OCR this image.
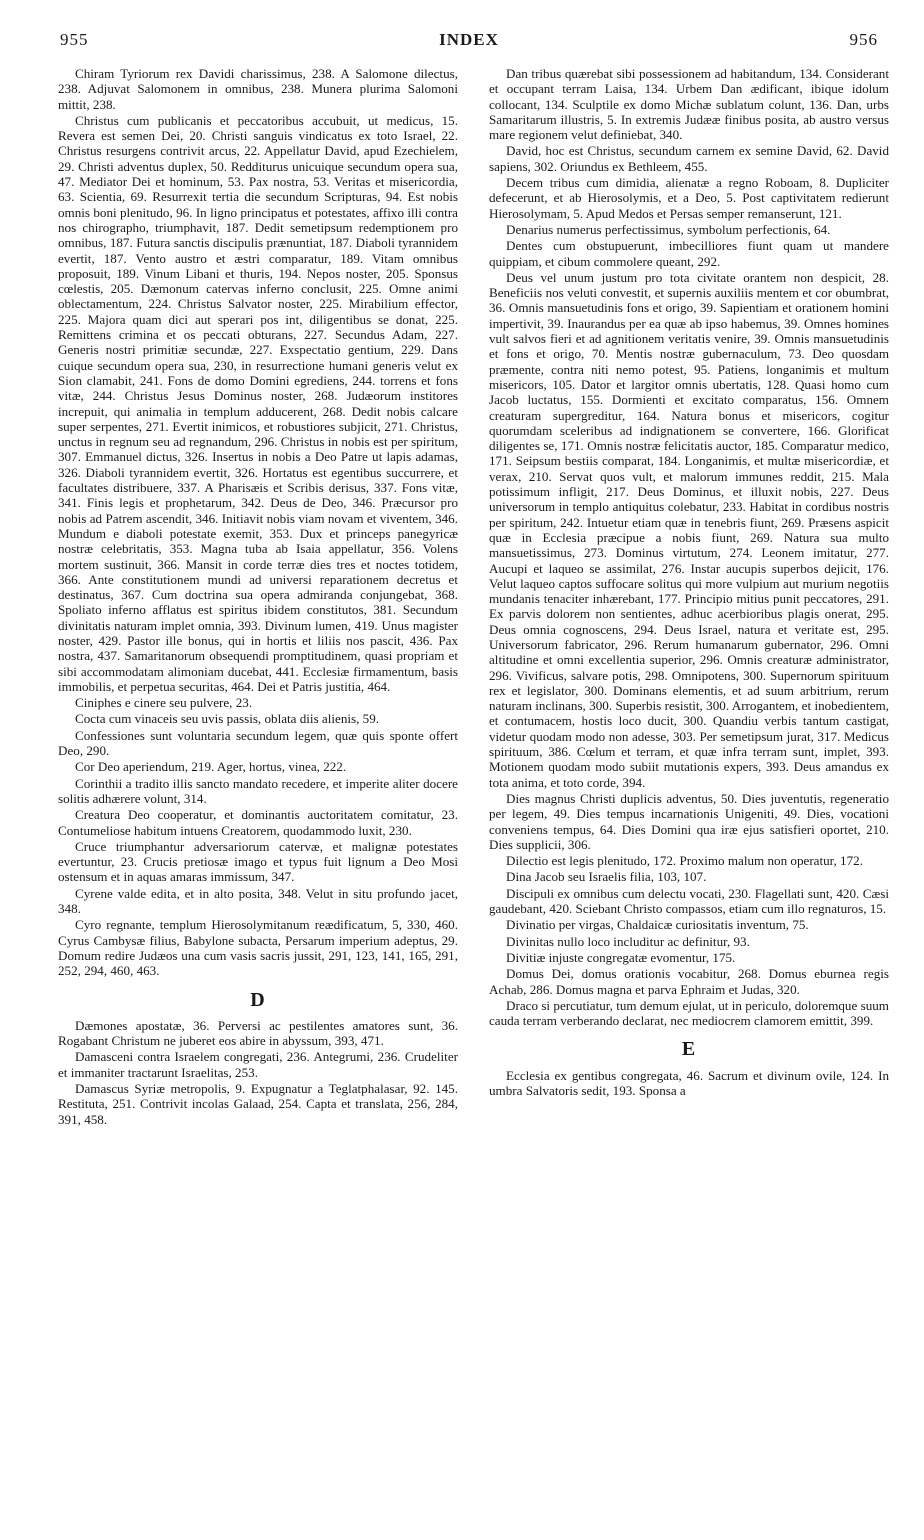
955	INDEX	956

Chiram Tyriorum rex Davidi charissimus, 238. A Salomone dilectus, 238. Adjuvat Salomonem in omnibus, 238. Munera plurima Salomoni mittit, 238.

Christus cum publicanis et peccatoribus accubuit, ut medicus, 15. Revera est semen Dei, 20. Christi sanguis vindicatus ex toto Israel, 22. Christus resurgens contrivit arcus, 22. Appellatur David, apud Ezechielem, 29. Christi adventus duplex, 50. Redditurus unicuique secundum opera sua, 47. Mediator Dei et hominum, 53. Pax nostra, 53. Veritas et misericordia, 63. Scientia, 69. Resurrexit tertia die secundum Scripturas, 94. Est nobis omnis boni plenitudo, 96. In ligno principatus et potestates, affixo illi contra nos chirographo, triumphavit, 187. Dedit semetipsum redemptionem pro omnibus, 187. Futura sanctis discipulis prænuntiat, 187. Diaboli tyrannidem evertit, 187. Vento austro et æstri comparatur, 189. Vitam omnibus proposuit, 189. Vinum Libani et thuris, 194. Nepos noster, 205. Sponsus cœlestis, 205. Dæmonum catervas inferno conclusit, 225. Omne animi oblectamentum, 224. Christus Salvator noster, 225. Mirabilium effector, 225. Majora quam dici aut sperari pos int, diligentibus se donat, 225. Remittens crimina et os peccati obturans, 227. Secundus Adam, 227. Generis nostri primitiæ secundæ, 227. Exspectatio gentium, 229. Dans cuique secundum opera sua, 230, in resurrectione humani generis velut ex Sion clamabit, 241. Fons de domo Domini egrediens, 244. torrens et fons vitæ, 244. Christus Jesus Dominus noster, 268. Judæorum institores increpuit, qui animalia in templum adducerent, 268. Dedit nobis calcare super serpentes, 271. Evertit inimicos, et robustiores subjicit, 271. Christus, unctus in regnum seu ad regnandum, 296. Christus in nobis est per spiritum, 307. Emmanuel dictus, 326. Insertus in nobis a Deo Patre ut lapis adamas, 326. Diaboli tyrannidem evertit, 326. Hortatus est egentibus succurrere, et facultates distribuere, 337. A Pharisæis et Scribis derisus, 337. Fons vitæ, 341. Finis legis et prophetarum, 342. Deus de Deo, 346. Præcursor pro nobis ad Patrem ascendit, 346. Initiavit nobis viam novam et viventem, 346. Mundum e diaboli potestate exemit, 353. Dux et princeps panegyricæ nostræ celebritatis, 353. Magna tuba ab Isaia appellatur, 356. Volens mortem sustinuit, 366. Mansit in corde terræ dies tres et noctes totidem, 366. Ante constitutionem mundi ad universi reparationem decretus et destinatus, 367. Cum doctrina sua opera admiranda conjungebat, 368. Spoliato inferno afflatus est spiritus ibidem constitutos, 381. Secundum divinitatis naturam implet omnia, 393. Divinum lumen, 419. Unus magister noster, 429. Pastor ille bonus, qui in hortis et liliis nos pascit, 436. Pax nostra, 437. Samaritanorum obsequendi promptitudinem, quasi propriam et sibi accommodatam alimoniam ducebat, 441. Ecclesiæ firmamentum, basis immobilis, et perpetua securitas, 464. Dei et Patris justitia, 464.

Ciniphes e cinere seu pulvere, 23.

Cocta cum vinaceis seu uvis passis, oblata diis alienis, 59.

Confessiones sunt voluntaria secundum legem, quæ quis sponte offert Deo, 290.

Cor Deo aperiendum, 219. Ager, hortus, vinea, 222.

Corinthii a tradito illis sancto mandato recedere, et imperite aliter docere solitis adhærere volunt, 314.

Creatura Deo cooperatur, et dominantis auctoritatem comitatur, 23. Contumeliose habitum intuens Creatorem, quodammodo luxit, 230.

Cruce triumphantur adversariorum catervæ, et malignæ potestates evertuntur, 23. Crucis pretiosæ imago et typus fuit lignum a Deo Mosi ostensum et in aquas amaras immissum, 347.

Cyrene valde edita, et in alto posita, 348. Velut in situ profundo jacet, 348.

Cyro regnante, templum Hierosolymitanum reædificatum, 5, 330, 460. Cyrus Cambysæ filius, Babylone subacta, Persarum imperium adeptus, 29. Domum redire Judæos una cum vasis sacris jussit, 291, 123, 141, 165, 291, 252, 294, 460, 463.

D

Dæmones apostatæ, 36. Perversi ac pestilentes amatores sunt, 36. Rogabant Christum ne juberet eos abire in abyssum, 393, 471.

Damasceni contra Israelem congregati, 236. Antegrumi, 236. Crudeliter et immaniter tractarunt Israelitas, 253.

Damascus Syriæ metropolis, 9. Expugnatur a Teglatphalasar, 92. 145. Restituta, 251. Contrivit incolas Galaad, 254. Capta et translata, 256, 284, 391, 458.

Dan tribus quærebat sibi possessionem ad habitandum, 134. Considerant et occupant terram Laisa, 134. Urbem Dan ædificant, ibique idolum collocant, 134. Sculptile ex domo Michæ sublatum colunt, 136. Dan, urbs Samaritarum illustris, 5. In extremis Judææ finibus posita, ab austro versus mare regionem velut definiebat, 340.

David, hoc est Christus, secundum carnem ex semine David, 62. David sapiens, 302. Oriundus ex Bethleem, 455.

Decem tribus cum dimidia, alienatæ a regno Roboam, 8. Dupliciter defecerunt, et ab Hierosolymis, et a Deo, 5. Post captivitatem redierunt Hierosolymam, 5. Apud Medos et Persas semper remanserunt, 121.

Denarius numerus perfectissimus, symbolum perfectionis, 64.

Dentes cum obstupuerunt, imbecilliores fiunt quam ut mandere quippiam, et cibum commolere queant, 292.

Deus vel unum justum pro tota civitate orantem non despicit, 28. Beneficiis nos veluti convestit, et supernis auxiliis mentem et cor obumbrat, 36. Omnis mansuetudinis fons et origo, 39. Sapientiam et orationem homini impertivit, 39. Inaurandus per ea quæ ab ipso habemus, 39. Omnes homines vult salvos fieri et ad agnitionem veritatis venire, 39. Omnis mansuetudinis et fons et origo, 70. Mentis nostræ gubernaculum, 73. Deo quosdam præmente, contra niti nemo potest, 95. Patiens, longanimis et multum misericors, 105. Dator et largitor omnis ubertatis, 128. Quasi homo cum Jacob luctatus, 155. Dormienti et excitato comparatus, 156. Omnem creaturam supergreditur, 164. Natura bonus et misericors, cogitur quorumdam sceleribus ad indignationem se convertere, 166. Glorificat diligentes se, 171. Omnis nostræ felicitatis auctor, 185. Comparatur medico, 171. Seipsum bestiis comparat, 184. Longanimis, et multæ misericordiæ, et verax, 210. Servat quos vult, et malorum immunes reddit, 215. Mala potissimum infligit, 217. Deus Dominus, et illuxit nobis, 227. Deus universorum in templo antiquitus colebatur, 233. Habitat in cordibus nostris per spiritum, 242. Intuetur etiam quæ in tenebris fiunt, 269. Præsens aspicit quæ in Ecclesia præcipue a nobis fiunt, 269. Natura sua multo mansuetissimus, 273. Dominus virtutum, 274. Leonem imitatur, 277. Aucupi et laqueo se assimilat, 276. Instar aucupis superbos dejicit, 176. Velut laqueo captos suffocare solitus qui more vulpium aut murium negotiis mundanis tenaciter inhærebant, 177. Principio mitius punit peccatores, 291. Ex parvis dolorem non sentientes, adhuc acerbioribus plagis onerat, 295. Deus omnia cognoscens, 294. Deus Israel, natura et veritate est, 295. Universorum fabricator, 296. Rerum humanarum gubernator, 296. Omni altitudine et omni excellentia superior, 296. Omnis creaturæ administrator, 296. Vivificus, salvare potis, 298. Omnipotens, 300. Supernorum spirituum rex et legislator, 300. Dominans elementis, et ad suum arbitrium, rerum naturam inclinans, 300. Superbis resistit, 300. Arrogantem, et inobedientem, et contumacem, hostis loco ducit, 300. Quandiu verbis tantum castigat, videtur quodam modo non adesse, 303. Per semetipsum jurat, 317. Medicus spirituum, 386. Cœlum et terram, et quæ infra terram sunt, implet, 393. Motionem quodam modo subiit mutationis expers, 393. Deus amandus ex tota anima, et toto corde, 394.

Dies magnus Christi duplicis adventus, 50. Dies juventutis, regeneratio per legem, 49. Dies tempus incarnationis Unigeniti, 49. Dies, vocationi conveniens tempus, 64. Dies Domini qua iræ ejus satisfieri oportet, 210. Dies supplicii, 306.

Dilectio est legis plenitudo, 172. Proximo malum non operatur, 172.

Dina Jacob seu Israelis filia, 103, 107.

Discipuli ex omnibus cum delectu vocati, 230. Flagellati sunt, 420. Cæsi gaudebant, 420. Sciebant Christo compassos, etiam cum illo regnaturos, 15.

Divinatio per virgas, Chaldaicæ curiositatis inventum, 75.

Divinitas nullo loco includitur ac definitur, 93.

Divitiæ injuste congregatæ evomentur, 175.

Domus Dei, domus orationis vocabitur, 268. Domus eburnea regis Achab, 286. Domus magna et parva Ephraim et Judas, 320.

Draco si percutiatur, tum demum ejulat, ut in periculo, doloremque suum cauda terram verberando declarat, nec mediocrem clamorem emittit, 399.

E

Ecclesia ex gentibus congregata, 46. Sacrum et divinum ovile, 124. In umbra Salvatoris sedit, 193. Sponsa a
